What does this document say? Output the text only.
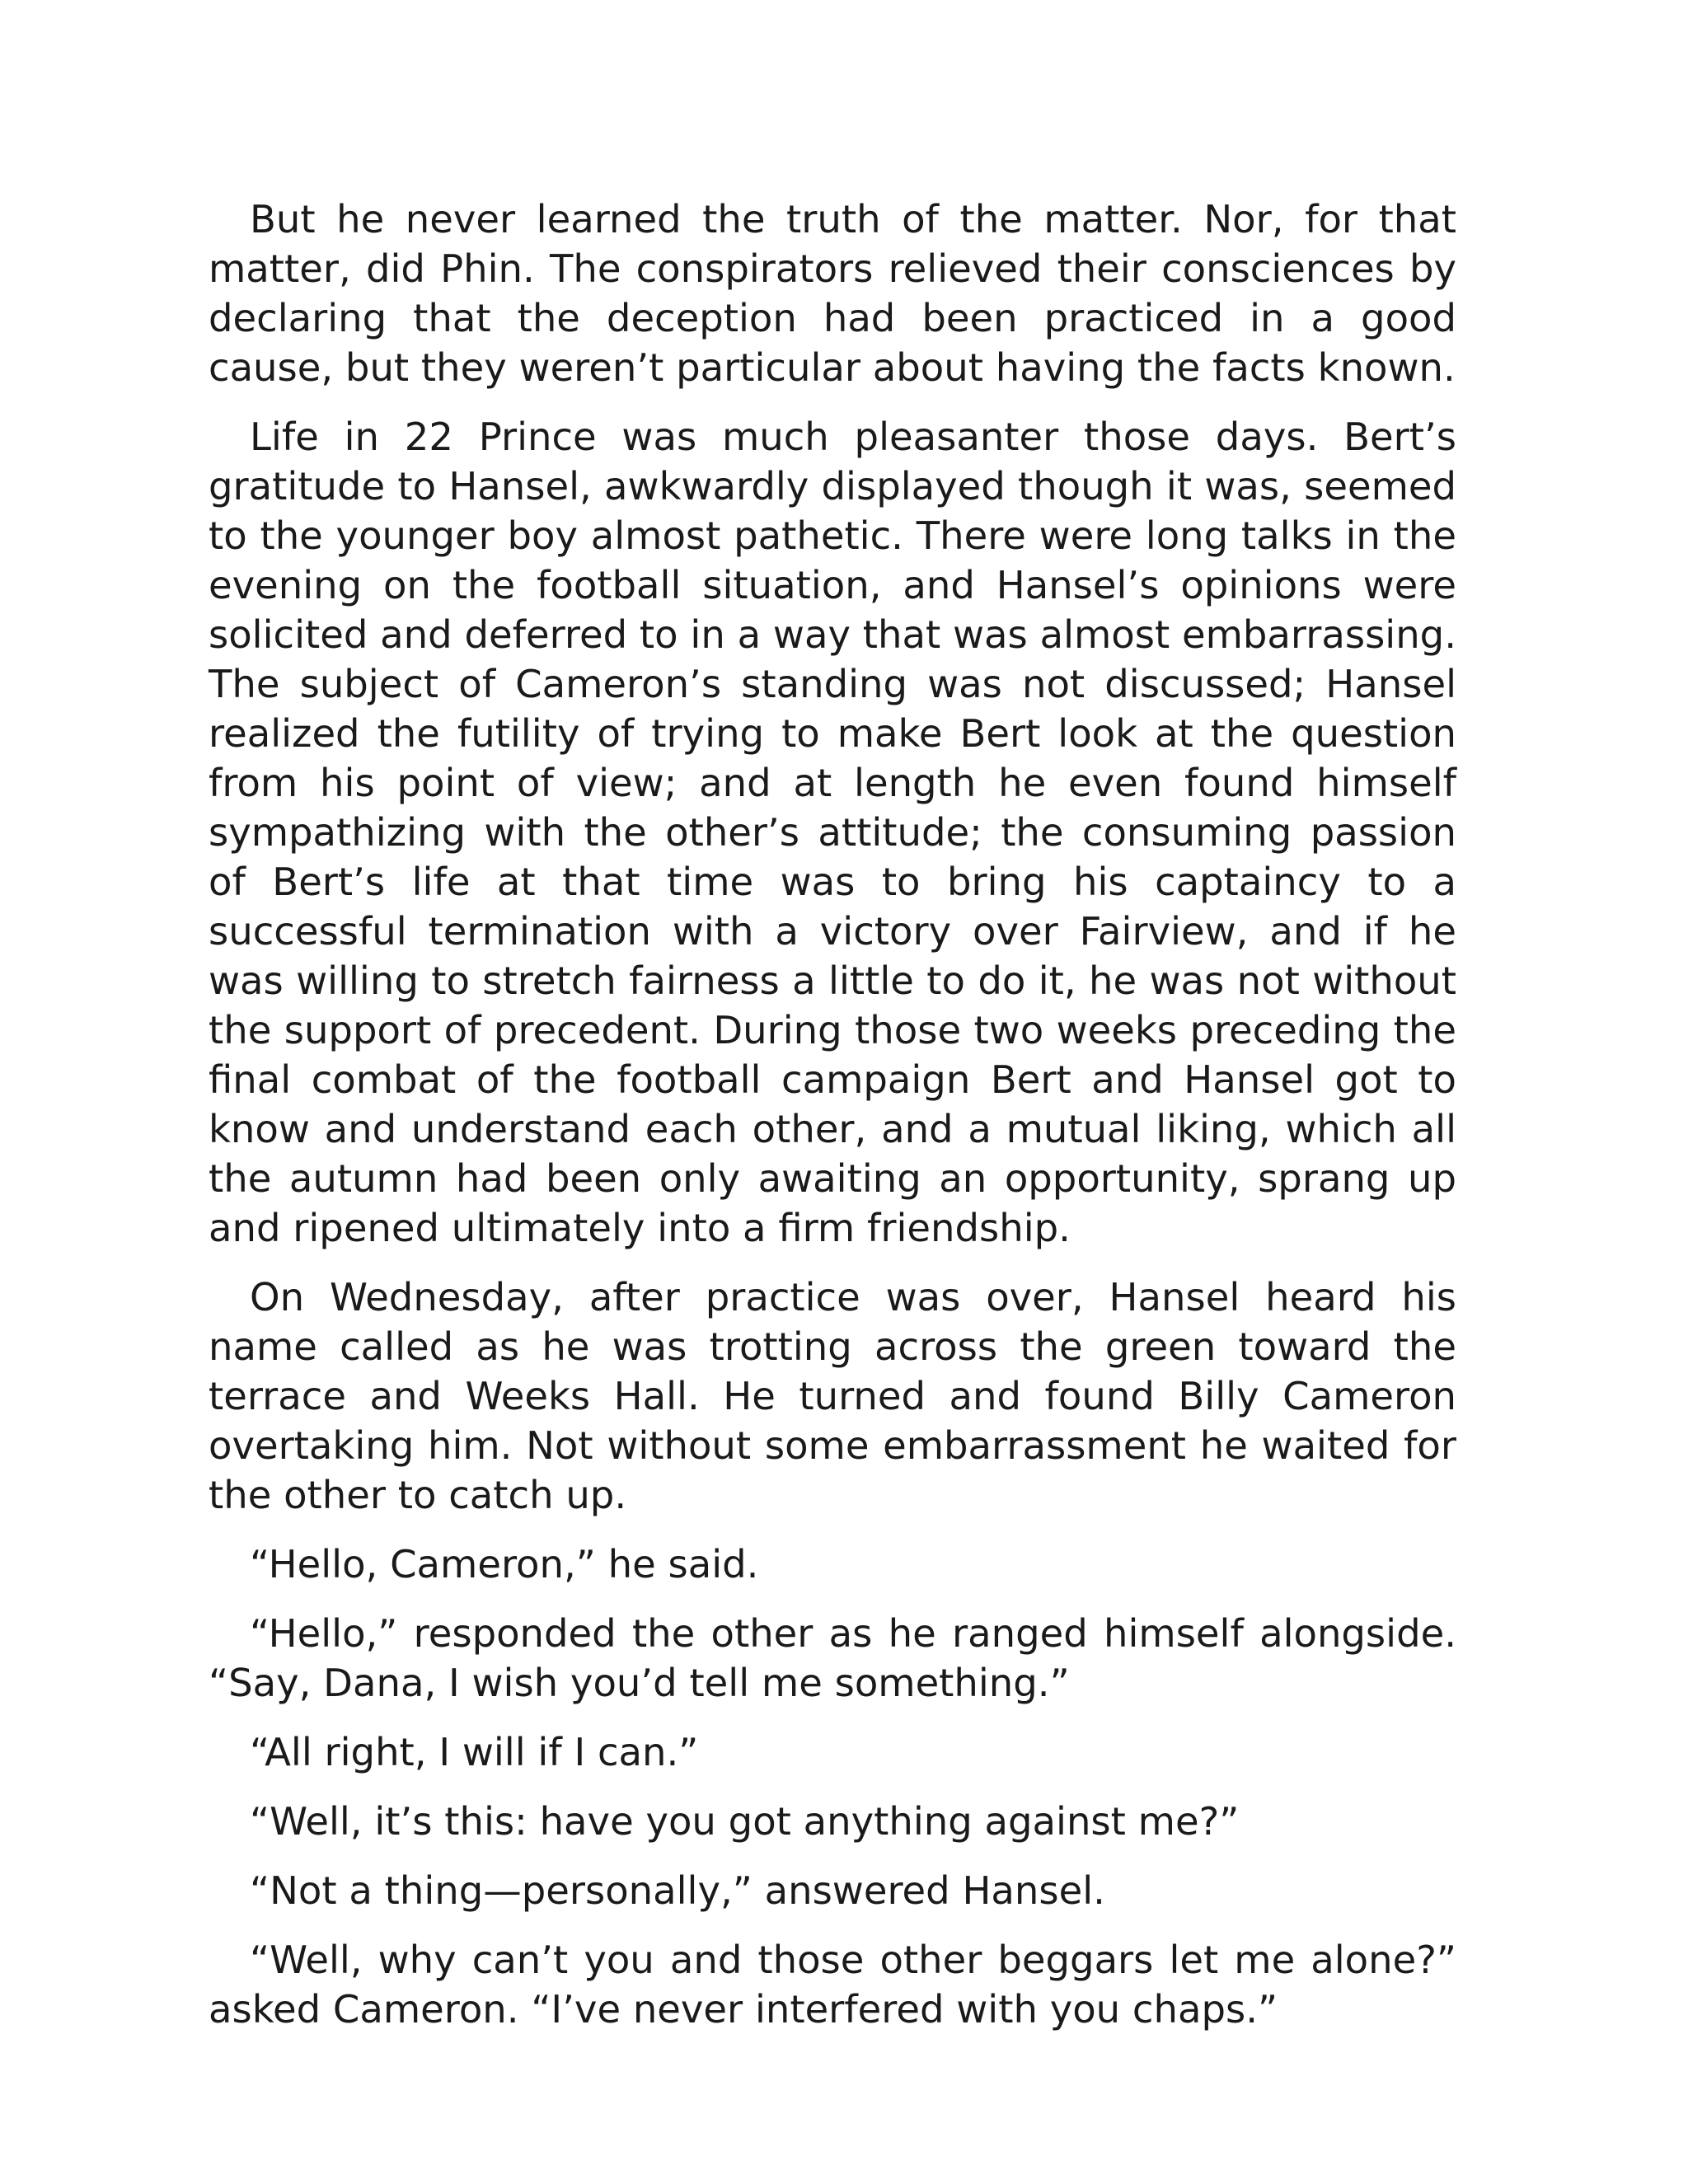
But he never learned the truth of the matter. Nor, for that matter, did Phin. The conspirators relieved their consciences by declaring that the deception had been practiced in a good cause, but they weren’t particular about having the facts known.

Life in 22 Prince was much pleasanter those days. Bert’s gratitude to Hansel, awkwardly displayed though it was, seemed to the younger boy almost pathetic. There were long talks in the evening on the football situation, and Hansel’s opinions were solicited and deferred to in a way that was almost embarrassing. The subject of Cameron’s standing was not discussed; Hansel realized the futility of trying to make Bert look at the question from his point of view; and at length he even found himself sympathizing with the other’s attitude; the consuming passion of Bert’s life at that time was to bring his captaincy to a successful termination with a victory over Fairview, and if he was willing to stretch fairness a little to do it, he was not without the support of precedent. During those two weeks preceding the final combat of the football campaign Bert and Hansel got to know and understand each other, and a mutual liking, which all the autumn had been only awaiting an opportunity, sprang up and ripened ultimately into a firm friendship.

On Wednesday, after practice was over, Hansel heard his name called as he was trotting across the green toward the terrace and Weeks Hall. He turned and found Billy Cameron overtaking him. Not without some embarrassment he waited for the other to catch up.

“Hello, Cameron,” he said.

“Hello,” responded the other as he ranged himself alongside. “Say, Dana, I wish you’d tell me something.”

“All right, I will if I can.”

“Well, it’s this: have you got anything against me?”

“Not a thing—personally,” answered Hansel.

“Well, why can’t you and those other beggars let me alone?” asked Cameron. “I’ve never interfered with you chaps.”
